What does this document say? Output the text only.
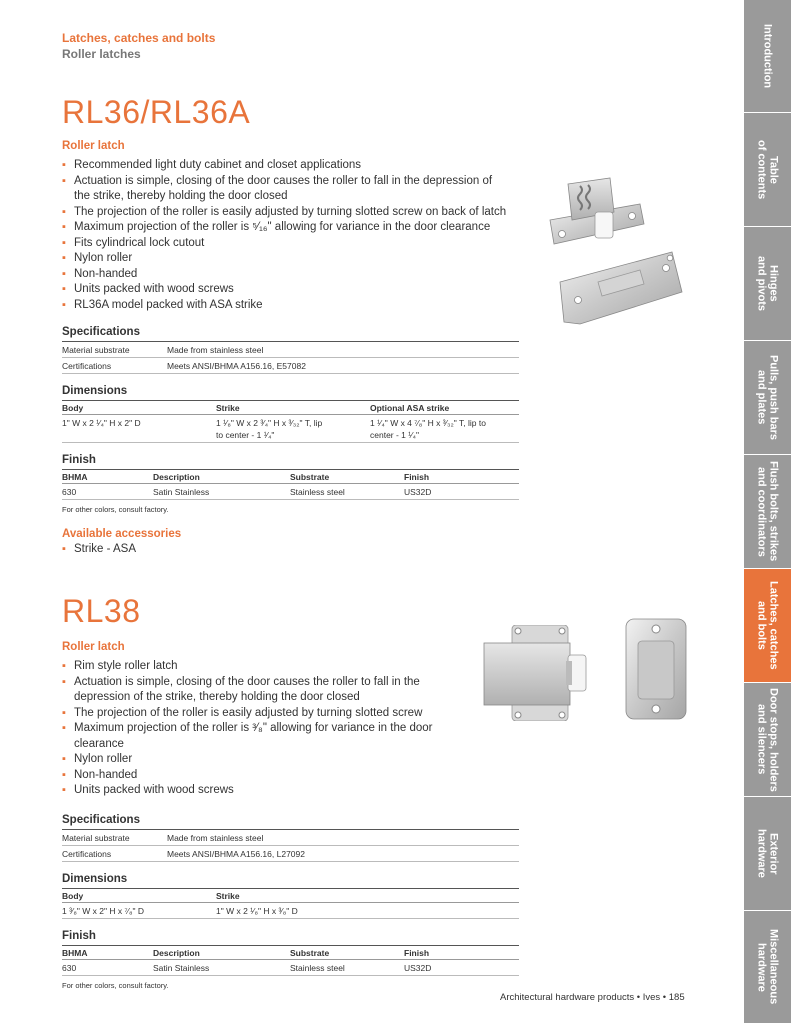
Latches, catches and bolts
Roller latches
RL36/RL36A
Roller latch
▪ Recommended light duty cabinet and closet applications
▪ Actuation is simple, closing of the door causes the roller to fall in the depression of the strike, thereby holding the door closed
▪ The projection of the roller is easily adjusted by turning slotted screw on back of latch
▪ Maximum projection of the roller is ⁵⁄₁₆" allowing for variance in the door clearance
▪ Fits cylindrical lock cutout
▪ Nylon roller
▪ Non-handed
▪ Units packed with wood screws
▪ RL36A model packed with ASA strike
Specifications
Material substrate	Made from stainless steel
Certifications	Meets ANSI/BHMA A156.16, E57082
Dimensions
Body	Strike	Optional ASA strike
1" W x 2 ¹⁄₄" H x 2" D	1 ¹⁄₈" W x 2 ³⁄₄" H x ³⁄₃₂" T, lip to center - 1 ¹⁄₄"	1 ¹⁄₄" W x 4 ⁷⁄₈" H x ³⁄₃₂" T, lip to center - 1 ¹⁄₄"
Finish
BHMA	Description	Substrate	Finish
630	Satin Stainless	Stainless steel	US32D
For other colors, consult factory.
Available accessories
▪ Strike - ASA
RL38
Roller latch
▪ Rim style roller latch
▪ Actuation is simple, closing of the door causes the roller to fall in the depression of the strike, thereby holding the door closed
▪ The projection of the roller is easily adjusted by turning slotted screw
▪ Maximum projection of the roller is ³⁄₈" allowing for variance in the door clearance
▪ Nylon roller
▪ Non-handed
▪ Units packed with wood screws
Specifications
Material substrate	Made from stainless steel
Certifications	Meets ANSI/BHMA A156.16, L27092
Dimensions
Body	Strike
1 ³⁄₈" W x 2" H x ⁷⁄₈" D	1" W x 2 ¹⁄₈" H x ³⁄₈" D
Finish
BHMA	Description	Substrate	Finish
630	Satin Stainless	Stainless steel	US32D
For other colors, consult factory.
Introduction
Table
of contents
Hinges
and pivots
Pulls, push bars
and plates
Flush bolts, strikes
and coordinators
Latches, catches
and bolts
Door stops, holders
and silencers
Exterior
hardware
Miscellaneous
hardware
Architectural hardware products • Ives • 185
